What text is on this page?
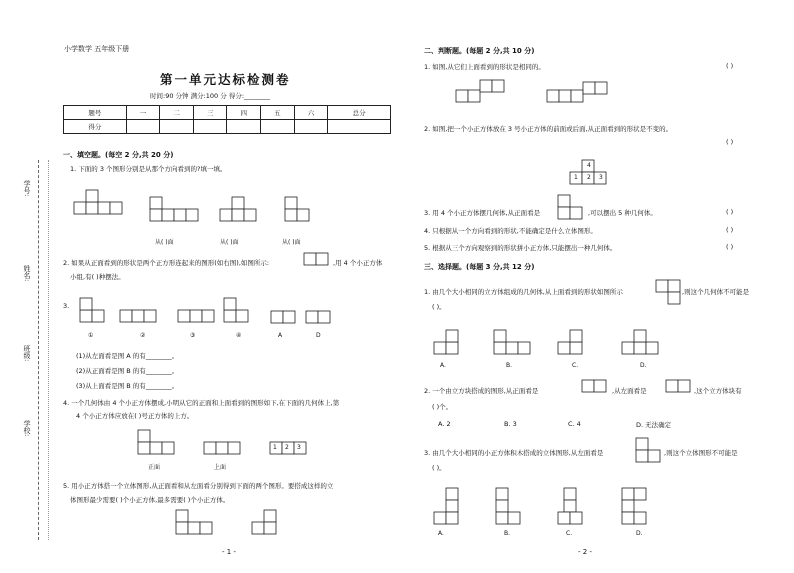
小学数学 五年级下册
第一单元达标检测卷
时间:90 分钟 满分:100 分 得分:________
题号	一	二	三	四	五	六	总分
得分							
学号:
姓名:
班级:
学校:
一、填空题。(每空 2 分,共 20 分)
1. 下面的 3 个图形分别是从那个方向看到的?填一填。
从( )面	从( )面	从( )面
2. 如果从正面看到的形状是两个正方形连起来的图形(如右图),如图所示:	,用 4 个小正方体
小组,有( )种摆法。
3.
①	②	③	④	A	D
(1)从左面看是图 A 的有________。
(2)从正面看是图 B 的有________。
(3)从上面看是图 B 的有________。
4. 一个几何体由 4 个小正方体摆成,小明从它的正面和上面看到的图形如下,在下面的几何体上,第
4 个小正方体应放在( )号正方体的上方。
1 2 3
正面	上面
5. 用小正方体搭一个立体图形,从正面看和从左面看分别得到下面的两个图形。要搭成这样的立
体图形最少需要( )个小正方体,最多需要( )个小正方体。
- 1 -
二、判断题。(每题 2 分,共 10 分)
1. 如图,从它们上面看到的形状是相同的。	( )
2. 如图,把一个小正方体放在 3 号小正方体的前面或后面,从正面看到的形状是不变的。
( )
4
1 2 3
3. 用 4 个小正方体摆几何体,从正面看是	,可以摆出 5 种几何体。	( )
4. 只根据从一个方向看到的形状,不能确定是什么立体图形。	( )
5. 根据从三个方向观察到的形状拼小正方体,只能摆出一种几何体。	( )
三、选择题。(每题 3 分,共 12 分)
1. 由几个大小相同的立方体组成的几何体,从上面看到的形状如图所示	,则这个几何体不可能是
( )。
A.	B.	C.	D.
2. 一个由立方块搭成的图形,从正面看是	,从左面看是	,这个立方体块有
( )个。
A. 2	B. 3	C. 4	D. 无法确定
3. 由几个大小相同的小正方体积木搭成的立体图形,从左面看是	,则这个立体图形不可能是
( )。
A.	B.	C.	D.
- 2 -
